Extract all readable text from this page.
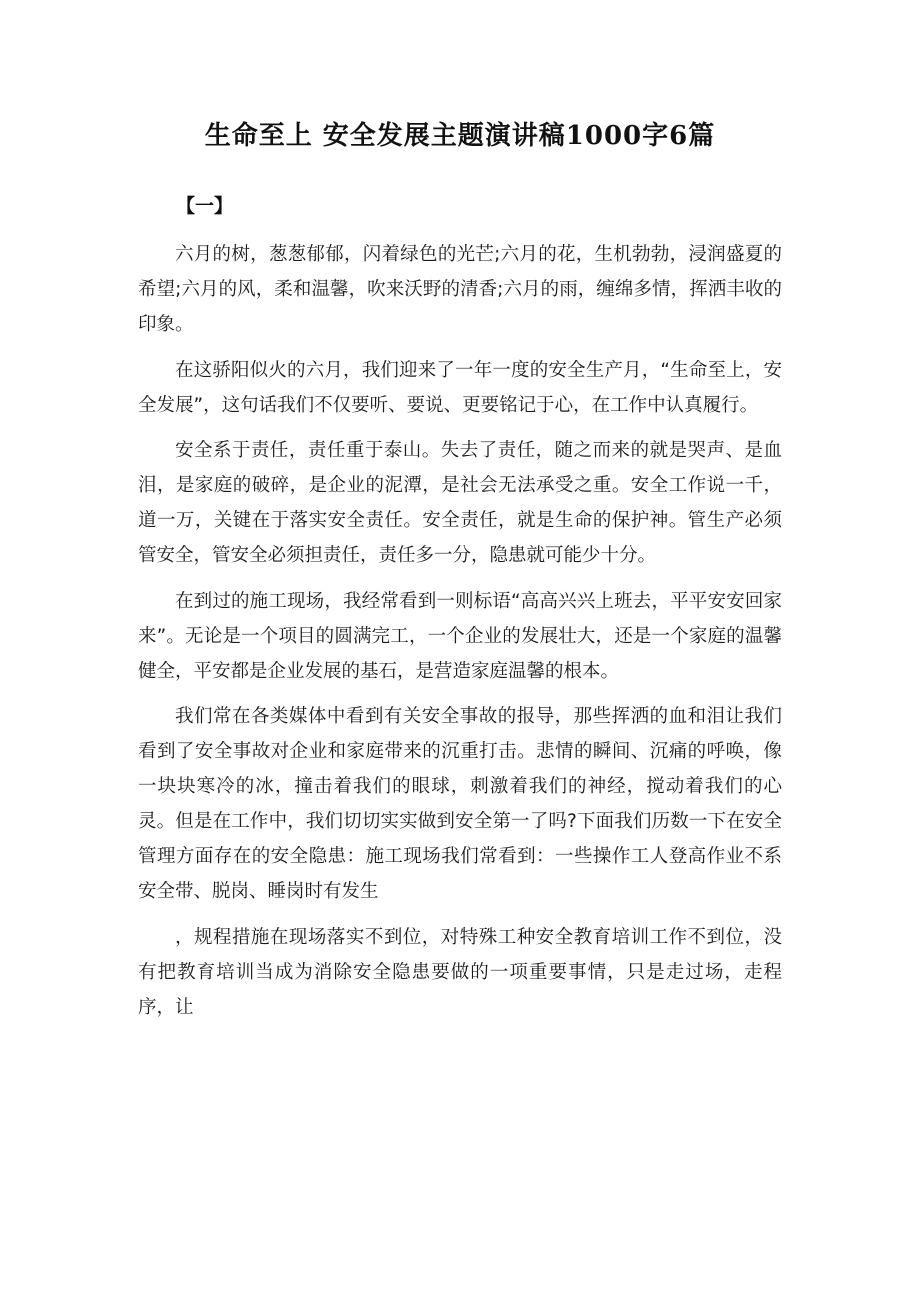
生命至上 安全发展主题演讲稿1000字6篇
【一】

六月的树，葱葱郁郁，闪着绿色的光芒;六月的花，生机勃勃，浸润盛夏的希望;六月的风，柔和温馨，吹来沃野的清香;六月的雨，缠绵多情，挥洒丰收的印象。

在这骄阳似火的六月，我们迎来了一年一度的安全生产月，“生命至上，安全发展”，这句话我们不仅要听、要说、更要铭记于心，在工作中认真履行。

安全系于责任，责任重于泰山。失去了责任，随之而来的就是哭声、是血泪，是家庭的破碎，是企业的泥潭，是社会无法承受之重。安全工作说一千，道一万，关键在于落实安全责任。安全责任，就是生命的保护神。管生产必须管安全，管安全必须担责任，责任多一分，隐患就可能少十分。

在到过的施工现场，我经常看到一则标语“高高兴兴上班去，平平安安回家来”。无论是一个项目的圆满完工，一个企业的发展壮大，还是一个家庭的温馨健全，平安都是企业发展的基石，是营造家庭温馨的根本。

我们常在各类媒体中看到有关安全事故的报导，那些挥洒的血和泪让我们看到了安全事故对企业和家庭带来的沉重打击。悲情的瞬间、沉痛的呼唤，像一块块寒冷的冰，撞击着我们的眼球，刺激着我们的神经，搅动着我们的心灵。但是在工作中，我们切切实实做到安全第一了吗?下面我们历数一下在安全管理方面存在的安全隐患：施工现场我们常看到：一些操作工人登高作业不系安全带、脱岗、睡岗时有发生

，规程措施在现场落实不到位，对特殊工种安全教育培训工作不到位，没有把教育培训当成为消除安全隐患要做的一项重要事情，只是走过场，走程序，让
